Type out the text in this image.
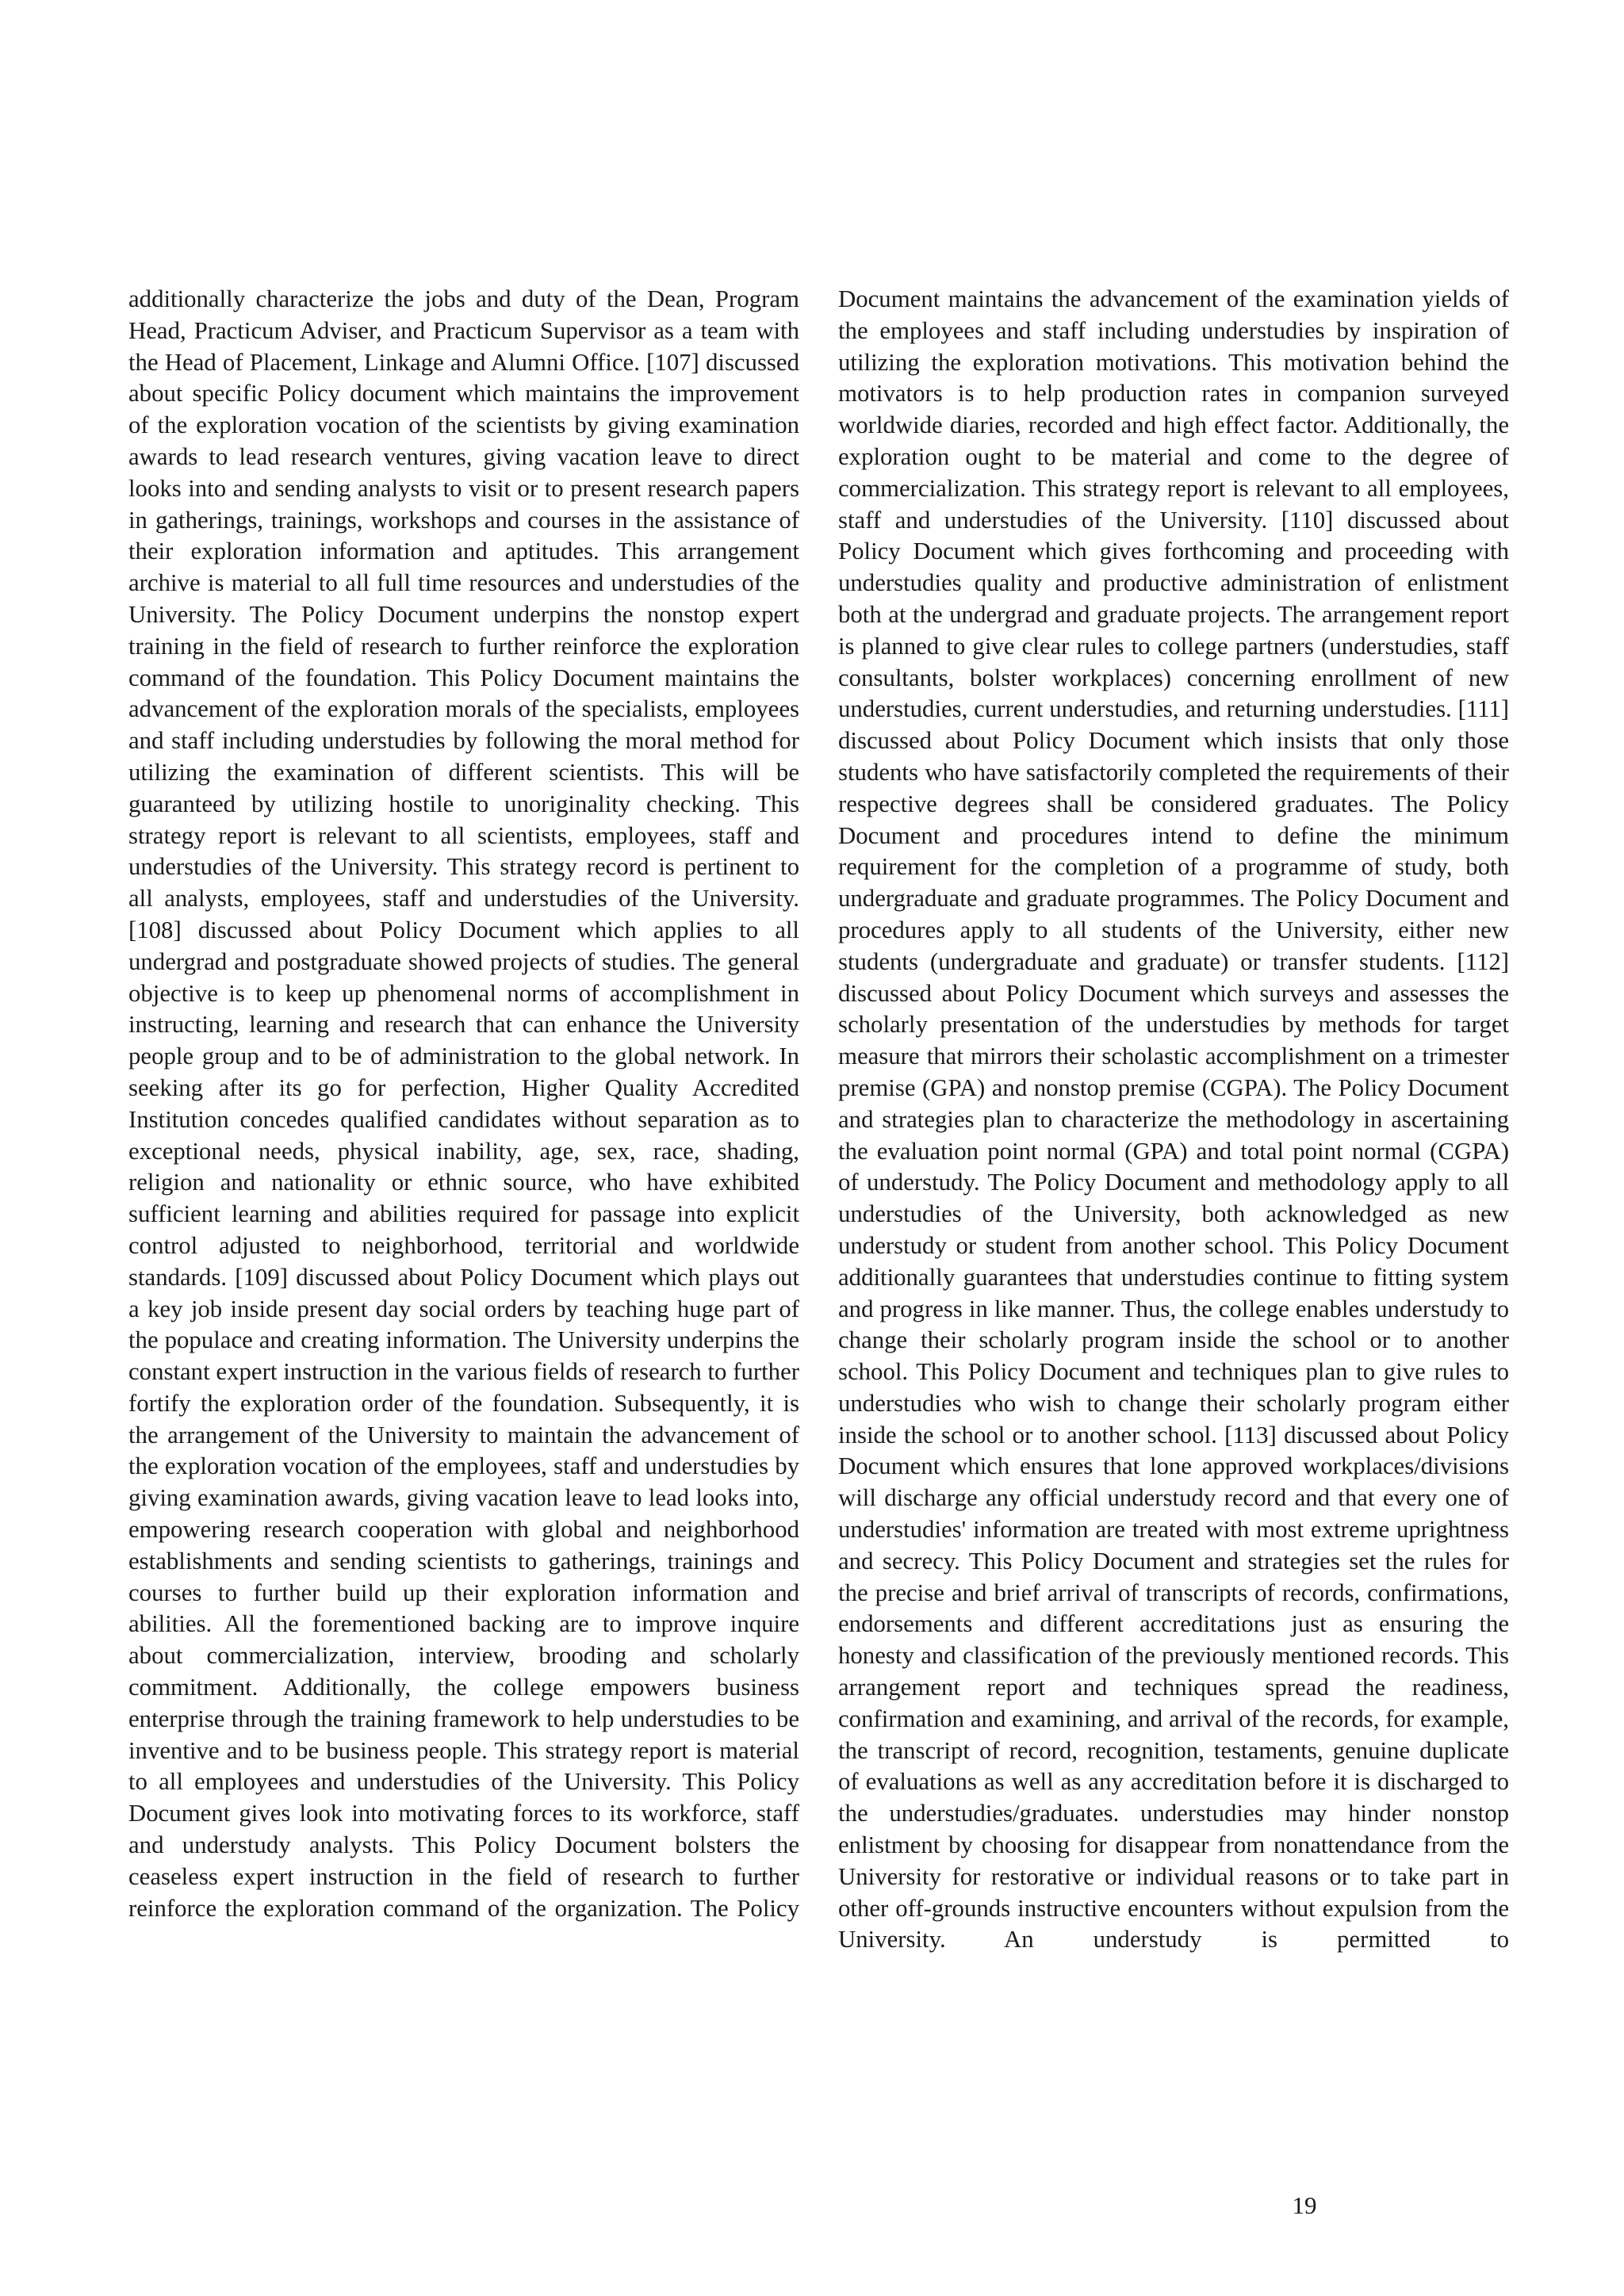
additionally characterize the jobs and duty of the Dean, Program Head, Practicum Adviser, and Practicum Supervisor as a team with the Head of Placement, Linkage and Alumni Office. [107] discussed about specific Policy document which maintains the improvement of the exploration vocation of the scientists by giving examination awards to lead research ventures, giving vacation leave to direct looks into and sending analysts to visit or to present research papers in gatherings, trainings, workshops and courses in the assistance of their exploration information and aptitudes. This arrangement archive is material to all full time resources and understudies of the University. The Policy Document underpins the nonstop expert training in the field of research to further reinforce the exploration command of the foundation. This Policy Document maintains the advancement of the exploration morals of the specialists, employees and staff including understudies by following the moral method for utilizing the examination of different scientists. This will be guaranteed by utilizing hostile to unoriginality checking. This strategy report is relevant to all scientists, employees, staff and understudies of the University. This strategy record is pertinent to all analysts, employees, staff and understudies of the University. [108] discussed about Policy Document which applies to all undergrad and postgraduate showed projects of studies. The general objective is to keep up phenomenal norms of accomplishment in instructing, learning and research that can enhance the University people group and to be of administration to the global network. In seeking after its go for perfection, Higher Quality Accredited Institution concedes qualified candidates without separation as to exceptional needs, physical inability, age, sex, race, shading, religion and nationality or ethnic source, who have exhibited sufficient learning and abilities required for passage into explicit control adjusted to neighborhood, territorial and worldwide standards. [109] discussed about Policy Document which plays out a key job inside present day social orders by teaching huge part of the populace and creating information. The University underpins the constant expert instruction in the various fields of research to further fortify the exploration order of the foundation. Subsequently, it is the arrangement of the University to maintain the advancement of the exploration vocation of the employees, staff and understudies by giving examination awards, giving vacation leave to lead looks into, empowering research cooperation with global and neighborhood establishments and sending scientists to gatherings, trainings and courses to further build up their exploration information and abilities. All the forementioned backing are to improve inquire about commercialization, interview, brooding and scholarly commitment. Additionally, the college empowers business enterprise through the training framework to help understudies to be inventive and to be business people. This strategy report is material to all employees and understudies of the University. This Policy Document gives look into motivating forces to its workforce, staff and understudy analysts. This Policy Document bolsters the ceaseless expert instruction in the field of research to further reinforce the exploration command of the organization. The Policy

Document maintains the advancement of the examination yields of the employees and staff including understudies by inspiration of utilizing the exploration motivations. This motivation behind the motivators is to help production rates in companion surveyed worldwide diaries, recorded and high effect factor. Additionally, the exploration ought to be material and come to the degree of commercialization. This strategy report is relevant to all employees, staff and understudies of the University. [110] discussed about Policy Document which gives forthcoming and proceeding with understudies quality and productive administration of enlistment both at the undergrad and graduate projects. The arrangement report is planned to give clear rules to college partners (understudies, staff consultants, bolster workplaces) concerning enrollment of new understudies, current understudies, and returning understudies. [111] discussed about Policy Document which insists that only those students who have satisfactorily completed the requirements of their respective degrees shall be considered graduates. The Policy Document and procedures intend to define the minimum requirement for the completion of a programme of study, both undergraduate and graduate programmes. The Policy Document and procedures apply to all students of the University, either new students (undergraduate and graduate) or transfer students. [112] discussed about Policy Document which surveys and assesses the scholarly presentation of the understudies by methods for target measure that mirrors their scholastic accomplishment on a trimester premise (GPA) and nonstop premise (CGPA). The Policy Document and strategies plan to characterize the methodology in ascertaining the evaluation point normal (GPA) and total point normal (CGPA) of understudy. The Policy Document and methodology apply to all understudies of the University, both acknowledged as new understudy or student from another school. This Policy Document additionally guarantees that understudies continue to fitting system and progress in like manner. Thus, the college enables understudy to change their scholarly program inside the school or to another school. This Policy Document and techniques plan to give rules to understudies who wish to change their scholarly program either inside the school or to another school. [113] discussed about Policy Document which ensures that lone approved workplaces/divisions will discharge any official understudy record and that every one of understudies' information are treated with most extreme uprightness and secrecy. This Policy Document and strategies set the rules for the precise and brief arrival of transcripts of records, confirmations, endorsements and different accreditations just as ensuring the honesty and classification of the previously mentioned records. This arrangement report and techniques spread the readiness, confirmation and examining, and arrival of the records, for example, the transcript of record, recognition, testaments, genuine duplicate of evaluations as well as any accreditation before it is discharged to the understudies/graduates. understudies may hinder nonstop enlistment by choosing for disappear from nonattendance from the University for restorative or individual reasons or to take part in other off-grounds instructive encounters without expulsion from the University. An understudy is permitted to

19
